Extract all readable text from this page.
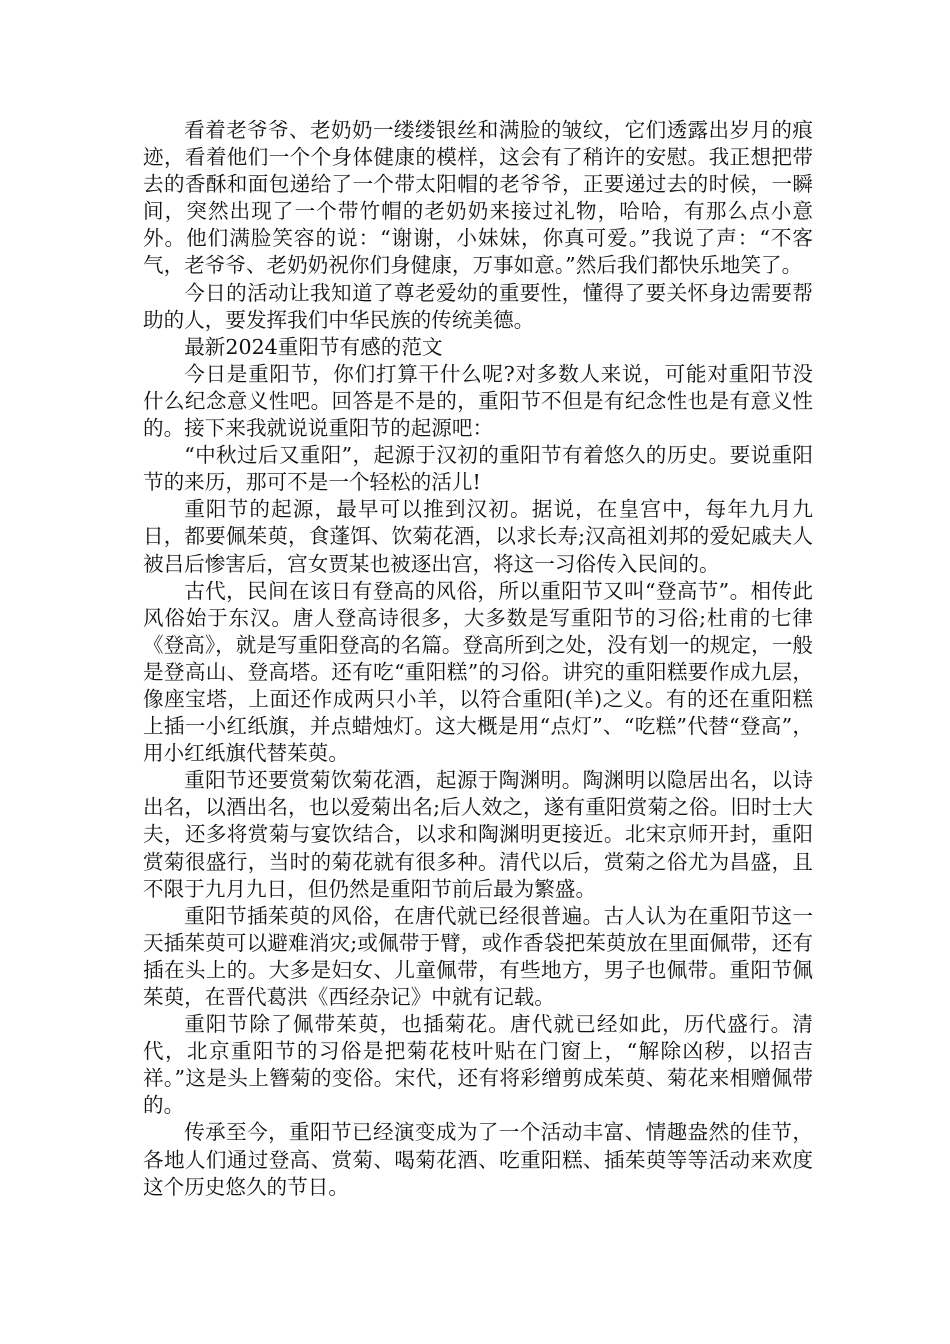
看着老爷爷、老奶奶一缕缕银丝和满脸的皱纹，它们透露出岁月的痕迹，看着他们一个个身体健康的模样，这会有了稍许的安慰。我正想把带去的香酥和面包递给了一个带太阳帽的老爷爷，正要递过去的时候，一瞬间，突然出现了一个带竹帽的老奶奶来接过礼物，哈哈，有那么点小意外。他们满脸笑容的说：“谢谢，小妹妹，你真可爱。”我说了声：“不客气，老爷爷、老奶奶祝你们身健康，万事如意。”然后我们都快乐地笑了。

今日的活动让我知道了尊老爱幼的重要性，懂得了要关怀身边需要帮助的人，要发挥我们中华民族的传统美德。

最新2024重阳节有感的范文

今日是重阳节，你们打算干什么呢?对多数人来说，可能对重阳节没什么纪念意义性吧。回答是不是的，重阳节不但是有纪念性也是有意义性的。接下来我就说说重阳节的起源吧：

“中秋过后又重阳”，起源于汉初的重阳节有着悠久的历史。要说重阳节的来历，那可不是一个轻松的活儿!

重阳节的起源，最早可以推到汉初。据说，在皇宫中，每年九月九日，都要佩茱萸，食蓬饵、饮菊花酒，以求长寿;汉高祖刘邦的爱妃戚夫人被吕后惨害后，宫女贾某也被逐出宫，将这一习俗传入民间的。

古代，民间在该日有登高的风俗，所以重阳节又叫“登高节”。相传此风俗始于东汉。唐人登高诗很多，大多数是写重阳节的习俗;杜甫的七律《登高》，就是写重阳登高的名篇。登高所到之处，没有划一的规定，一般是登高山、登高塔。还有吃“重阳糕”的习俗。讲究的重阳糕要作成九层，像座宝塔，上面还作成两只小羊，以符合重阳(羊)之义。有的还在重阳糕上插一小红纸旗，并点蜡烛灯。这大概是用“点灯”、“吃糕”代替“登高”，用小红纸旗代替茱萸。

重阳节还要赏菊饮菊花酒，起源于陶渊明。陶渊明以隐居出名，以诗出名，以酒出名，也以爱菊出名;后人效之，遂有重阳赏菊之俗。旧时士大夫，还多将赏菊与宴饮结合，以求和陶渊明更接近。北宋京师开封，重阳赏菊很盛行，当时的菊花就有很多种。清代以后，赏菊之俗尤为昌盛，且不限于九月九日，但仍然是重阳节前后最为繁盛。

重阳节插茱萸的风俗，在唐代就已经很普遍。古人认为在重阳节这一天插茱萸可以避难消灾;或佩带于臂，或作香袋把茱萸放在里面佩带，还有插在头上的。大多是妇女、儿童佩带，有些地方，男子也佩带。重阳节佩茱萸，在晋代葛洪《西经杂记》中就有记载。

重阳节除了佩带茱萸，也插菊花。唐代就已经如此，历代盛行。清代，北京重阳节的习俗是把菊花枝叶贴在门窗上，“解除凶秽，以招吉祥。”这是头上簪菊的变俗。宋代，还有将彩缯剪成茱萸、菊花来相赠佩带的。

传承至今，重阳节已经演变成为了一个活动丰富、情趣盎然的佳节，各地人们通过登高、赏菊、喝菊花酒、吃重阳糕、插茱萸等等活动来欢度这个历史悠久的节日。
